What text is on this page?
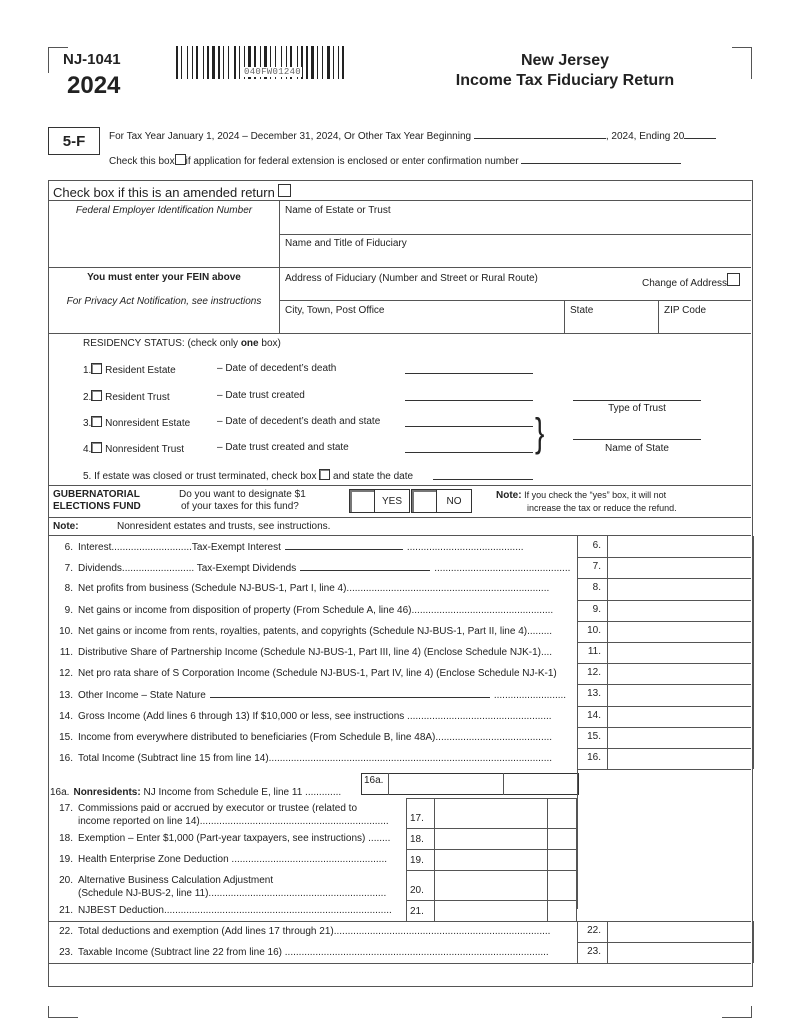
NJ-1041
2024	040FW01240
New Jersey
Income Tax Fiduciary Return
5-F	For Tax Year January 1, 2024 – December 31, 2024, Or Other Tax Year Beginning	, 2024, Ending 20
Check this box if application for federal extension is enclosed or enter confirmation number
Check box if this is an amended return
Federal Employer Identification Number	Name of Estate or Trust
Name and Title of Fiduciary
You must enter your FEIN above
For Privacy Act Notification, see instructions
Address of Fiduciary (Number and Street or Rural Route)	Change of Address
City, Town, Post Office	State	ZIP Code
RESIDENCY STATUS: (check only one box)
1. Resident Estate	– Date of decedent’s death
2. Resident Trust	– Date trust created
Type of Trust
3. Nonresident Estate	– Date of decedent’s death and state
4. Nonresident Trust	– Date trust created and state	}	Name of State
5. If estate was closed or trust terminated, check box and state the date
GUBERNATORIAL
ELECTIONS FUND
Do you want to designate $1
of your taxes for this fund?	YES	NO	Note: If you check the “yes” box, it will not
increase the tax or reduce the refund.
Note:	Nonresident estates and trusts, see instructions.
6. Interest.............................Tax-Exempt Interest	..........................................	6.
7. Dividends.......................... Tax-Exempt Dividends	.................................................	7.
8. Net profits from business (Schedule NJ-BUS-1, Part I, line 4).........................................................................	8.
9. Net gains or income from disposition of property (From Schedule A, line 46)...................................................	9.
10. Net gains or income from rents, royalties, patents, and copyrights (Schedule NJ-BUS-1, Part II, line 4).........	10.
11. Distributive Share of Partnership Income (Schedule NJ-BUS-1, Part III, line 4) (Enclose Schedule NJK-1)....	11.
12. Net pro rata share of S Corporation Income (Schedule NJ-BUS-1, Part IV, line 4) (Enclose Schedule NJ-K-1)	12.
13. Other Income – State Nature	..........................	13.
14. Gross Income (Add lines 6 through 13) If $10,000 or less, see instructions ....................................................	14.
15. Income from everywhere distributed to beneficiaries (From Schedule B, line 48A)..........................................	15.
16. Total Income (Subtract line 15 from line 14)......................................................................................................	16.
16a. Nonresidents: NJ Income from Schedule E, line 11 .............
16a.
17. Commissions paid or accrued by executor or trustee (related to
income reported on line 14).................................................................... 17.
18. Exemption – Enter $1,000 (Part-year taxpayers, see instructions) ........ 18.
19. Health Enterprise Zone Deduction ........................................................ 19.
20. Alternative Business Calculation Adjustment
(Schedule NJ-BUS-2, line 11)................................................................ 20.
21. NJBEST Deduction.................................................................................. 21.
22. Total deductions and exemption (Add lines 17 through 21)..............................................................................	22.
23. Taxable Income (Subtract line 22 from line 16) ...............................................................................................	23.
